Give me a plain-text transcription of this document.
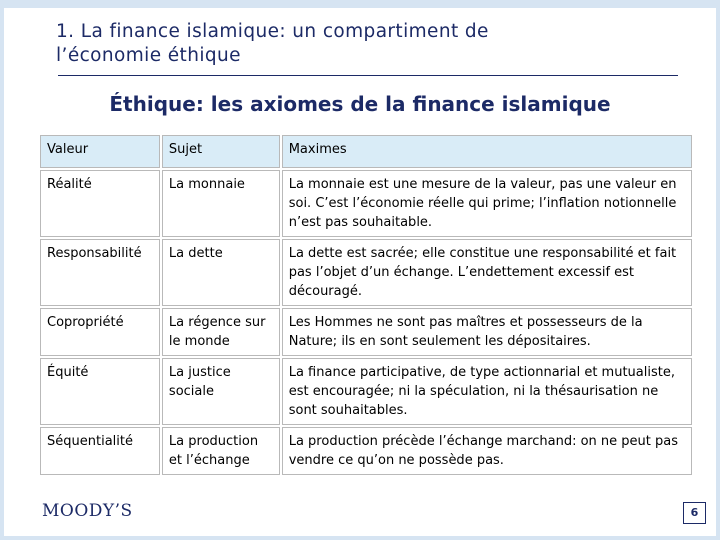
1. La finance islamique: un compartiment de
l’économie éthique
Éthique: les axiomes de la finance islamique
Valeur	Sujet	Maximes
Réalité	La monnaie	La monnaie est une mesure de la valeur, pas une valeur en soi. C’est l’économie réelle qui prime; l’inflation notionnelle n’est pas souhaitable.
Responsabilité	La dette	La dette est sacrée; elle constitue une responsabilité et fait pas l’objet d’un échange. L’endettement excessif est découragé.
Copropriété	La régence sur le monde	Les Hommes ne sont pas maîtres et possesseurs de la Nature; ils en sont seulement les dépositaires.
Équité	La justice sociale	La finance participative, de type actionnarial et mutualiste, est encouragée; ni la spéculation, ni la thésaurisation ne sont souhaitables.
Séquentialité	La production et l’échange	La production précède l’échange marchand: on ne peut pas vendre ce qu’on ne possède pas.
MOODY’S	6
